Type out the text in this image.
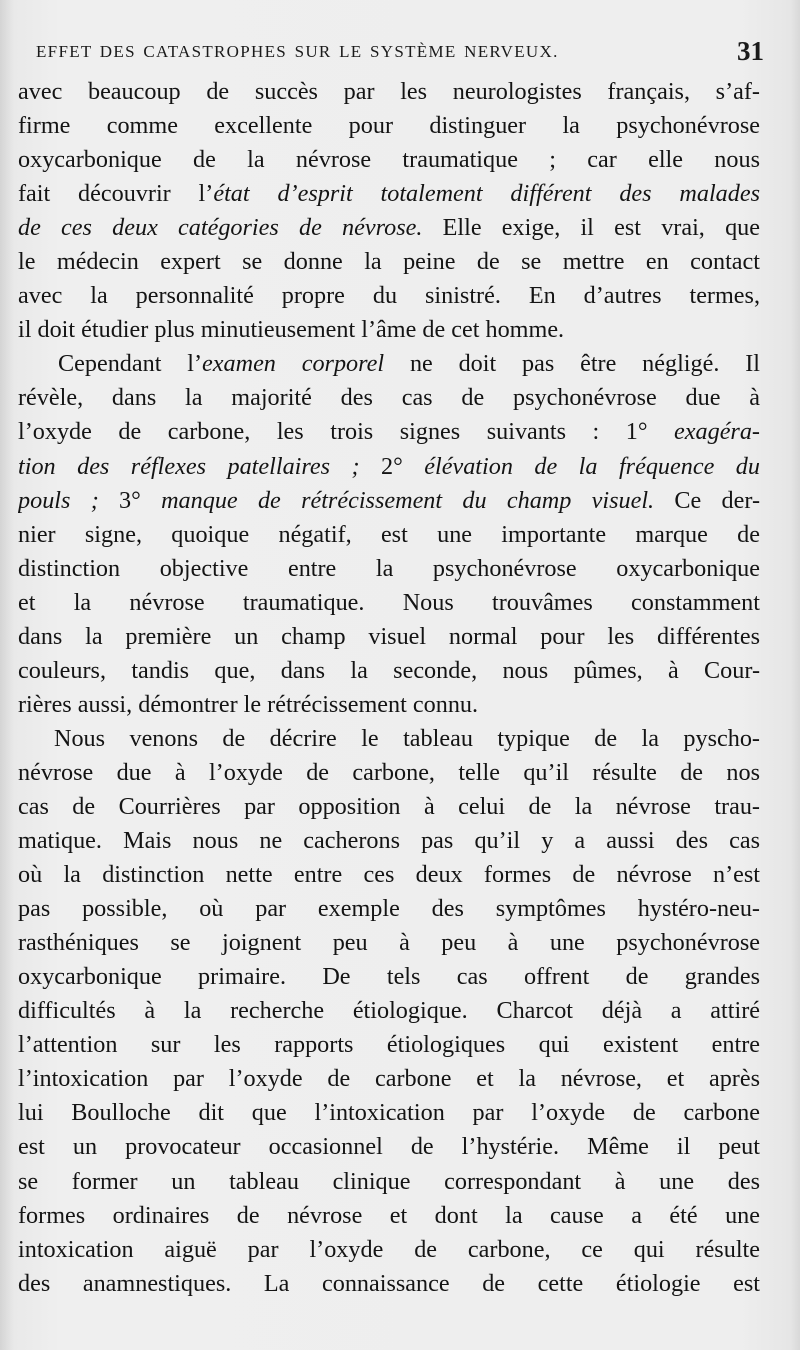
EFFET DES CATASTROPHES SUR LE SYSTÈME NERVEUX.	31
avec beaucoup de succès par les neurologistes français, s’af-
firme comme excellente pour distinguer la psychonévrose
oxycarbonique de la névrose traumatique ; car elle nous
fait découvrir l’état d’esprit totalement différent des malades
de ces deux catégories de névrose. Elle exige, il est vrai, que
le médecin expert se donne la peine de se mettre en contact
avec la personnalité propre du sinistré. En d’autres termes,
il doit étudier plus minutieusement l’âme de cet homme.
Cependant l’examen corporel ne doit pas être négligé. Il
révèle, dans la majorité des cas de psychonévrose due à
l’oxyde de carbone, les trois signes suivants : 1° exagéra-
tion des réflexes patellaires ; 2° élévation de la fréquence du
pouls ; 3° manque de rétrécissement du champ visuel. Ce der-
nier signe, quoique négatif, est une importante marque de
distinction objective entre la psychonévrose oxycarbonique
et la névrose traumatique. Nous trouvâmes constamment
dans la première un champ visuel normal pour les différentes
couleurs, tandis que, dans la seconde, nous pûmes, à Cour-
rières aussi, démontrer le rétrécissement connu.
Nous venons de décrire le tableau typique de la pyscho-
névrose due à l’oxyde de carbone, telle qu’il résulte de nos
cas de Courrières par opposition à celui de la névrose trau-
matique. Mais nous ne cacherons pas qu’il y a aussi des cas
où la distinction nette entre ces deux formes de névrose n’est
pas possible, où par exemple des symptômes hystéro-neu-
rasthéniques se joignent peu à peu à une psychonévrose
oxycarbonique primaire. De tels cas offrent de grandes
difficultés à la recherche étiologique. Charcot déjà a attiré
l’attention sur les rapports étiologiques qui existent entre
l’intoxication par l’oxyde de carbone et la névrose, et après
lui Boulloche dit que l’intoxication par l’oxyde de carbone
est un provocateur occasionnel de l’hystérie. Même il peut
se former un tableau clinique correspondant à une des
formes ordinaires de névrose et dont la cause a été une
intoxication aiguë par l’oxyde de carbone, ce qui résulte
des anamnestiques. La connaissance de cette étiologie est
